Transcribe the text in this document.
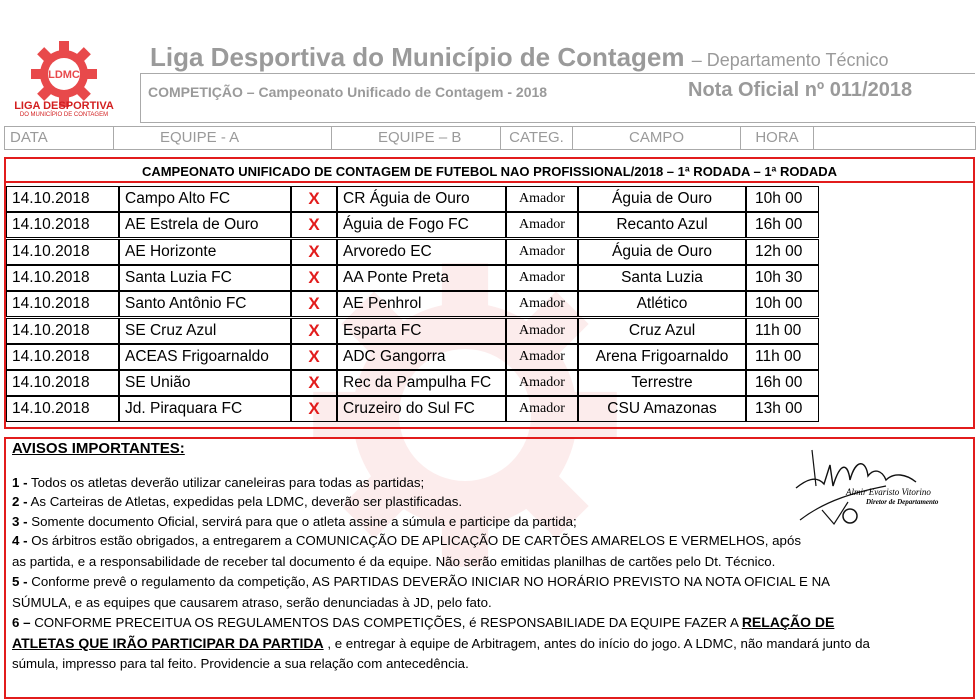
LDMC
LIGA DESPORTIVA
DO MUNICÍPIO DE CONTAGEM
Liga Desportiva do Município de Contagem – Departamento Técnico
COMPETIÇÃO – Campeonato Unificado de Contagem - 2018	Nota Oficial nº 011/2018
DATA	EQUIPE - A	EQUIPE – B	CATEG.	CAMPO	HORA
CAMPEONATO UNIFICADO DE CONTAGEM DE FUTEBOL NAO PROFISSIONAL/2018 – 1ª RODADA – 1ª RODADA
14.10.2018	Campo Alto FC	X	CR Águia de Ouro	Amador	Águia de Ouro	10h 00
14.10.2018	AE Estrela de Ouro	X	Águia de Fogo FC	Amador	Recanto Azul	16h 00
14.10.2018	AE Horizonte	X	Arvoredo EC	Amador	Águia de Ouro	12h 00
14.10.2018	Santa Luzia FC	X	AA Ponte Preta	Amador	Santa Luzia	10h 30
14.10.2018	Santo Antônio FC	X	AE Penhrol	Amador	Atlético	10h 00
14.10.2018	SE Cruz Azul	X	Esparta FC	Amador	Cruz Azul	11h 00
14.10.2018	ACEAS Frigoarnaldo	X	ADC Gangorra	Amador	Arena Frigoarnaldo	11h 00
14.10.2018	SE União	X	Rec da Pampulha FC	Amador	Terrestre	16h 00
14.10.2018	Jd. Piraquara FC	X	Cruzeiro do Sul FC	Amador	CSU Amazonas	13h 00
AVISOS IMPORTANTES:
1 - Todos os atletas deverão utilizar caneleiras para todas as partidas;
2 - As Carteiras de Atletas, expedidas pela LDMC, deverão ser plastificadas.
3 - Somente documento Oficial, servirá para que o atleta assine a súmula e participe da partida;
4 - Os árbitros estão obrigados, a entregarem a COMUNICAÇÃO DE APLICAÇÃO DE CARTÕES AMARELOS E VERMELHOS, após
as partida, e a responsabilidade de receber tal documento é da equipe. Não serão emitidas planilhas de cartões pelo Dt. Técnico.
5 - Conforme prevê o regulamento da competição, AS PARTIDAS DEVERÃO INICIAR NO HORÁRIO PREVISTO NA NOTA OFICIAL E NA
SÚMULA, e as equipes que causarem atraso, serão denunciadas à JD, pelo fato.
6 – CONFORME PRECEITUA OS REGULAMENTOS DAS COMPETIÇÕES, é RESPONSABILIADE DA EQUIPE FAZER A RELAÇÃO DE
ATLETAS QUE IRÃO PARTICIPAR DA PARTIDA , e entregar à equipe de Arbitragem, antes do início do jogo. A LDMC, não mandará junto da
súmula, impresso para tal feito. Providencie a sua relação com antecedência.
Almir Evaristo Vitorino
Diretor de Departamento
